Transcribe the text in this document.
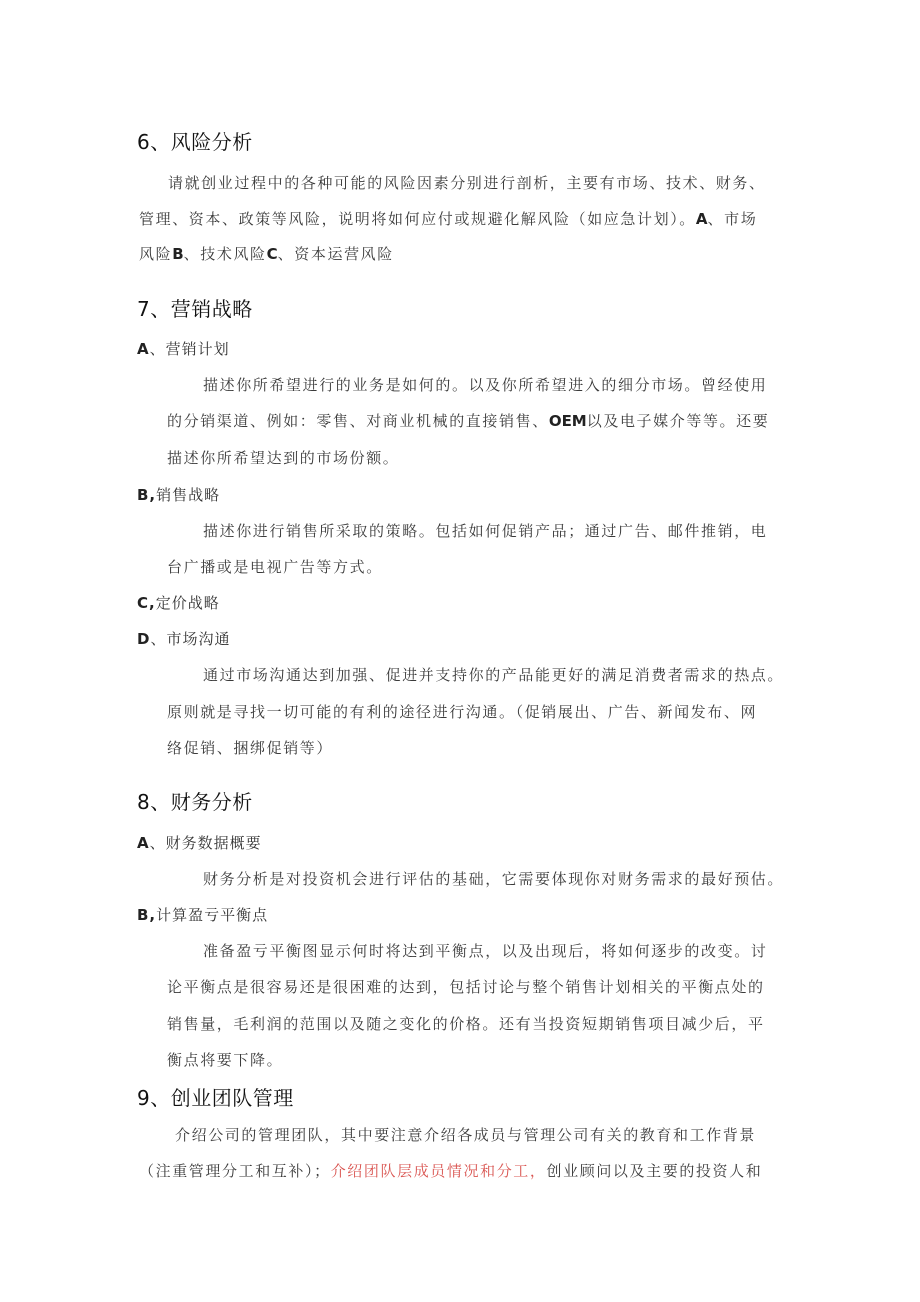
6、风险分析
请就创业过程中的各种可能的风险因素分别进行剖析，主要有市场、技术、财务、
管理、资本、政策等风险，说明将如何应付或规避化解风险（如应急计划）。A、市场
风险B、技术风险C、资本运营风险
7、营销战略
A、营销计划
描述你所希望进行的业务是如何的。以及你所希望进入的细分市场。曾经使用
的分销渠道、例如：零售、对商业机械的直接销售、OEM以及电子媒介等等。还要
描述你所希望达到的市场份额。
B,销售战略
描述你进行销售所采取的策略。包括如何促销产品；通过广告、邮件推销，电
台广播或是电视广告等方式。
C,定价战略
D、市场沟通
通过市场沟通达到加强、促进并支持你的产品能更好的满足消费者需求的热点。
原则就是寻找一切可能的有利的途径进行沟通。（促销展出、广告、新闻发布、网
络促销、捆绑促销等）
8、财务分析
A、财务数据概要
财务分析是对投资机会进行评估的基础，它需要体现你对财务需求的最好预估。
B,计算盈亏平衡点
准备盈亏平衡图显示何时将达到平衡点，以及出现后，将如何逐步的改变。讨
论平衡点是很容易还是很困难的达到，包括讨论与整个销售计划相关的平衡点处的
销售量，毛利润的范围以及随之变化的价格。还有当投资短期销售项目减少后，平
衡点将要下降。
9、创业团队管理
介绍公司的管理团队，其中要注意介绍各成员与管理公司有关的教育和工作背景
（注重管理分工和互补）；介绍团队层成员情况和分工，创业顾问以及主要的投资人和
